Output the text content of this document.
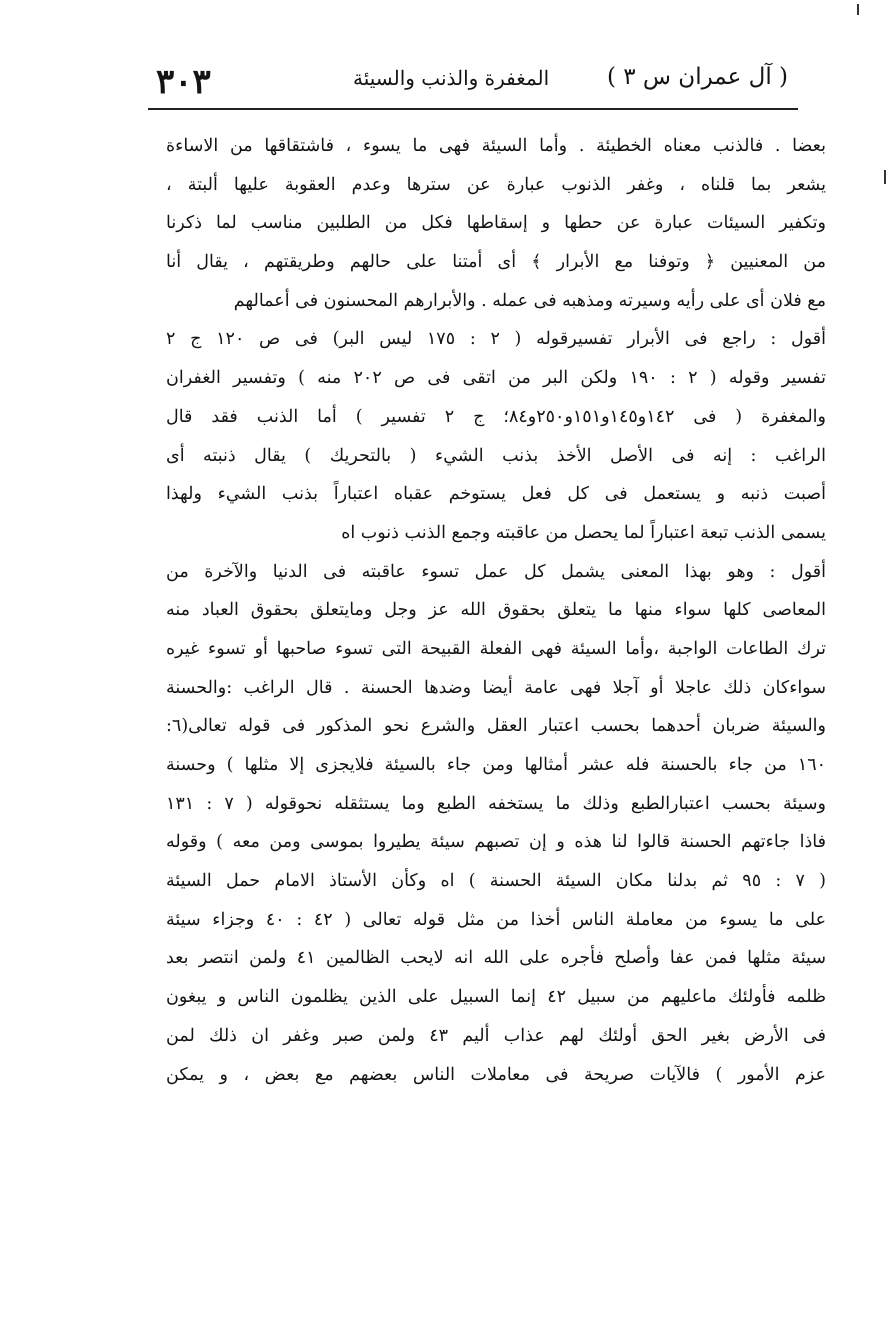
( آل عمران س ٣ )
المغفرة والذنب والسيئة
٣٠٣
بعضا . فالذنب معناه الخطيئة . وأما السيئة فهى ما يسوء ، فاشتقاقها من الاساءة
يشعر بما قلناه ، وغفر الذنوب عبارة عن سترها وعدم العقوبة عليها ألبتة ،
وتكفير السيئات عبارة عن حطها و إسقاطها فكل من الطلبين مناسب لما ذكرنا
من المعنيين ﴿ وتوفنا مع الأبرار ﴾ أى أمتنا على حالهم وطريقتهم ، يقال أنا
مع فلان أى على رأيه وسيرته ومذهبه فى عمله . والأبرارهم المحسنون فى أعمالهم
أقول : راجع فى الأبرار تفسيرقوله ( ٢ : ١٧٥ ليس البر) فى ص ١٢٠ ج ٢
تفسير وقوله ( ٢ : ١٩٠ ولكن البر من اتقى فى ص ٢٠٢ منه ) وتفسير الغفران
والمغفرة ( فى ١٤٢و١٤٥و١٥١و٢٥٠و٨٤؛ ج ٢ تفسير ) أما الذنب فقد قال
الراغب : إنه فى الأصل الأخذ بذنب الشيء ( بالتحريك ) يقال ذنبته أى
أصبت ذنبه و يستعمل فى كل فعل يستوخم عقباه اعتباراً بذنب الشيء ولهذا
يسمى الذنب تبعة اعتباراً لما يحصل من عاقبته وجمع الذنب ذنوب اه
أقول : وهو بهذا المعنى يشمل كل عمل تسوء عاقبته فى الدنيا والآخرة من
المعاصى كلها سواء منها ما يتعلق بحقوق الله عز وجل ومايتعلق بحقوق العباد منه
ترك الطاعات الواجبة ،وأما السيئة فهى الفعلة القبيحة التى تسوء صاحبها أو تسوء غيره
سواءكان ذلك عاجلا أو آجلا فهى عامة أيضا وضدها الحسنة . قال الراغب :والحسنة
والسيئة ضربان أحدهما بحسب اعتبار العقل والشرع نحو المذكور فى قوله تعالى(٦:
١٦٠ من جاء بالحسنة فله عشر أمثالها ومن جاء بالسيئة فلايجزى إلا مثلها ) وحسنة
وسيئة بحسب اعتبارالطبع وذلك ما يستخفه الطبع وما يستثقله نحوقوله ( ٧ : ١٣١
فاذا جاءتهم الحسنة قالوا لنا هذه و إن تصبهم سيئة يطيروا بموسى ومن معه ) وقوله
( ٧ : ٩٥ ثم بدلنا مكان السيئة الحسنة ) اه وكأن الأستاذ الامام حمل السيئة
على ما يسوء من معاملة الناس أخذا من مثل قوله تعالى ( ٤٢ : ٤٠ وجزاء سيئة
سيئة مثلها فمن عفا وأصلح فأجره على الله انه لايحب الظالمين ٤١ ولمن انتصر بعد
ظلمه فأولئك ماعليهم من سبيل ٤٢ إنما السبيل على الذين يظلمون الناس و يبغون
فى الأرض بغير الحق أولئك لهم عذاب أليم ٤٣ ولمن صبر وغفر ان ذلك لمن
عزم الأمور ) فالآيات صريحة فى معاملات الناس بعضهم مع بعض ، و يمكن
